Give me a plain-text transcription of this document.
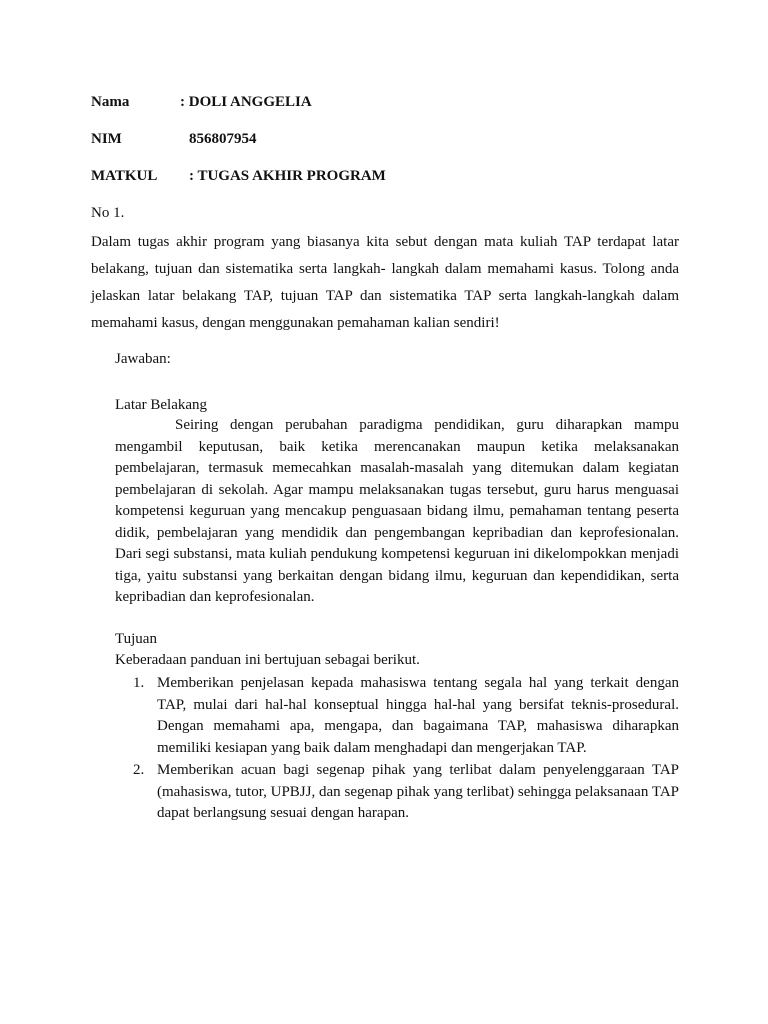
Nama	: DOLI ANGGELIA
NIM	856807954
MATKUL : TUGAS AKHIR PROGRAM
No 1.

Dalam tugas akhir program yang biasanya kita sebut dengan mata kuliah TAP terdapat latar belakang, tujuan dan sistematika serta langkah- langkah dalam memahami kasus. Tolong anda jelaskan latar belakang TAP, tujuan TAP dan sistematika TAP serta langkah-langkah dalam memahami kasus, dengan menggunakan pemahaman kalian sendiri!

Jawaban:
Latar Belakang

Seiring dengan perubahan paradigma pendidikan, guru diharapkan mampu mengambil keputusan, baik ketika merencanakan maupun ketika melaksanakan pembelajaran, termasuk memecahkan masalah-masalah yang ditemukan dalam kegiatan pembelajaran di sekolah. Agar mampu melaksanakan tugas tersebut, guru harus menguasai kompetensi keguruan yang mencakup penguasaan bidang ilmu, pemahaman tentang peserta didik, pembelajaran yang mendidik dan pengembangan kepribadian dan keprofesionalan. Dari segi substansi, mata kuliah pendukung kompetensi keguruan ini dikelompokkan menjadi tiga, yaitu substansi yang berkaitan dengan bidang ilmu, keguruan dan kependidikan, serta kepribadian dan keprofesionalan.

Tujuan
Keberadaan panduan ini bertujuan sebagai berikut.
1. Memberikan penjelasan kepada mahasiswa tentang segala hal yang terkait dengan TAP, mulai dari hal-hal konseptual hingga hal-hal yang bersifat teknis-prosedural. Dengan memahami apa, mengapa, dan bagaimana TAP, mahasiswa diharapkan memiliki kesiapan yang baik dalam menghadapi dan mengerjakan TAP.
2. Memberikan acuan bagi segenap pihak yang terlibat dalam penyelenggaraan TAP (mahasiswa, tutor, UPBJJ, dan segenap pihak yang terlibat) sehingga pelaksanaan TAP dapat berlangsung sesuai dengan harapan.
